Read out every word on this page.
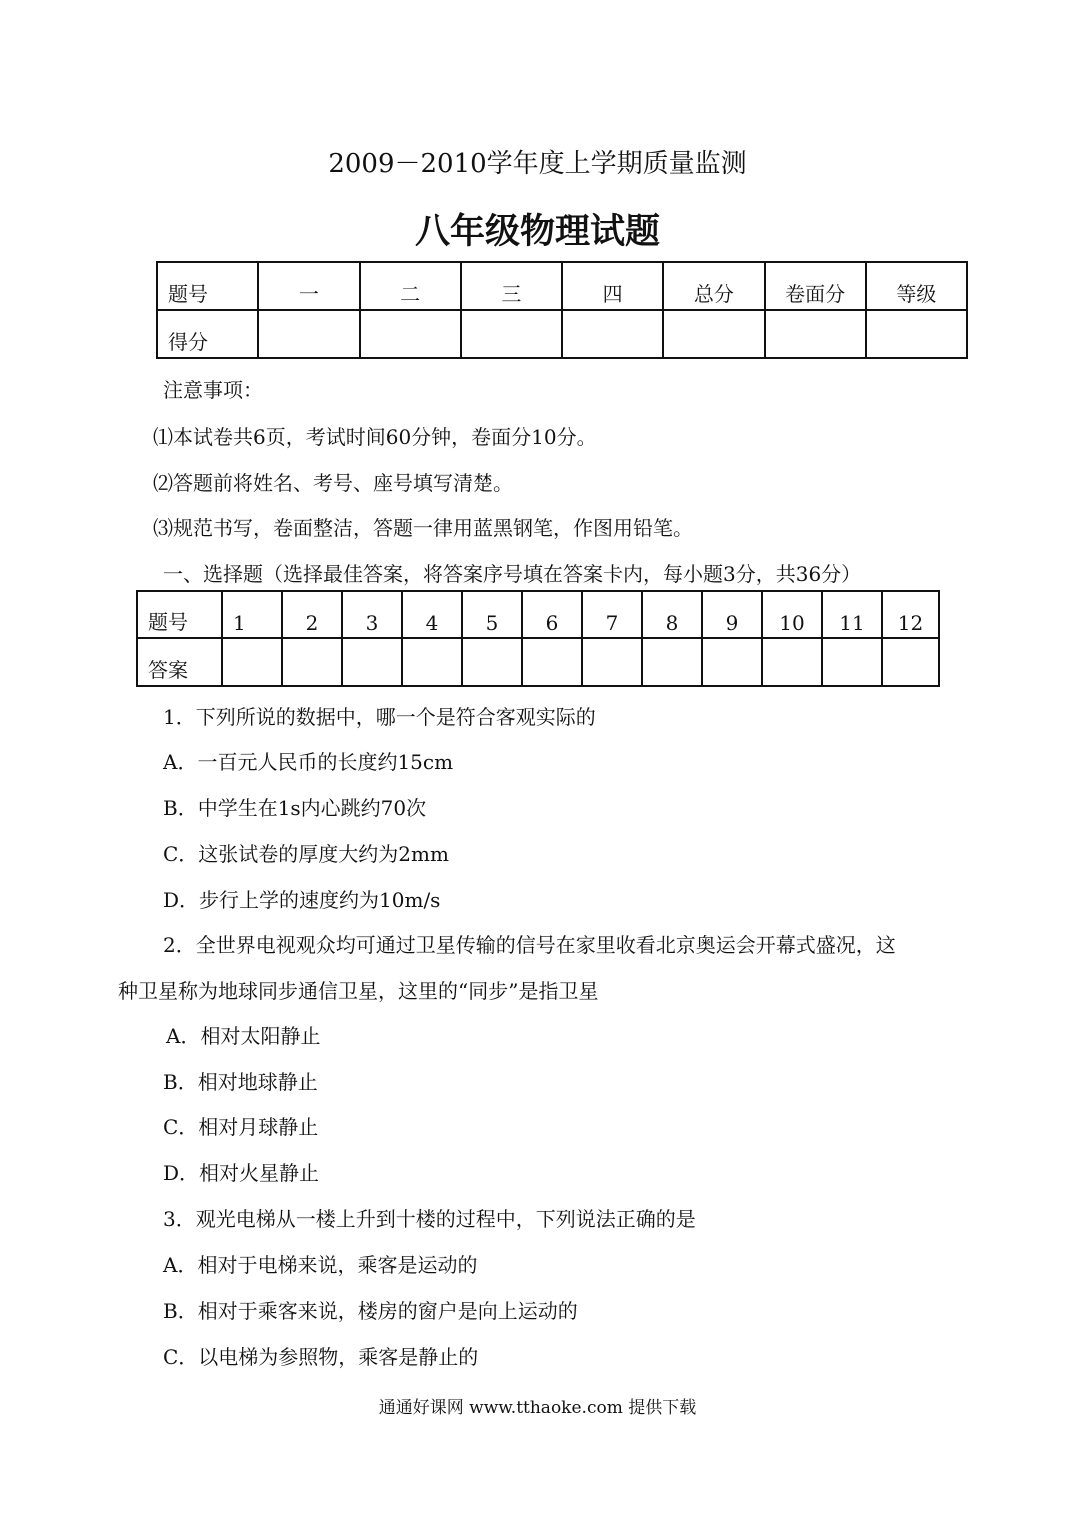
2009－2010学年度上学期质量监测
八年级物理试题
题号	一	二	三	四	总分	卷面分	等级
得分							
注意事项：
⑴本试卷共6页，考试时间60分钟，卷面分10分。
⑵答题前将姓名、考号、座号填写清楚。
⑶规范书写，卷面整洁，答题一律用蓝黑钢笔，作图用铅笔。
一、选择题（选择最佳答案，将答案序号填在答案卡内，每小题3分，共36分）
题号	1	2	3	4	5	6	7	8	9	10	11	12
答案												
1．下列所说的数据中，哪一个是符合客观实际的
A．一百元人民币的长度约15cm
B．中学生在1s内心跳约70次
C．这张试卷的厚度大约为2mm
D．步行上学的速度约为10m/s
2．全世界电视观众均可通过卫星传输的信号在家里收看北京奥运会开幕式盛况，这
种卫星称为地球同步通信卫星，这里的“同步”是指卫星
A．相对太阳静止
B．相对地球静止
C．相对月球静止
D．相对火星静止
3．观光电梯从一楼上升到十楼的过程中，下列说法正确的是
A．相对于电梯来说，乘客是运动的
B．相对于乘客来说，楼房的窗户是向上运动的
C．以电梯为参照物，乘客是静止的
通通好课网 www.tthaoke.com 提供下载
